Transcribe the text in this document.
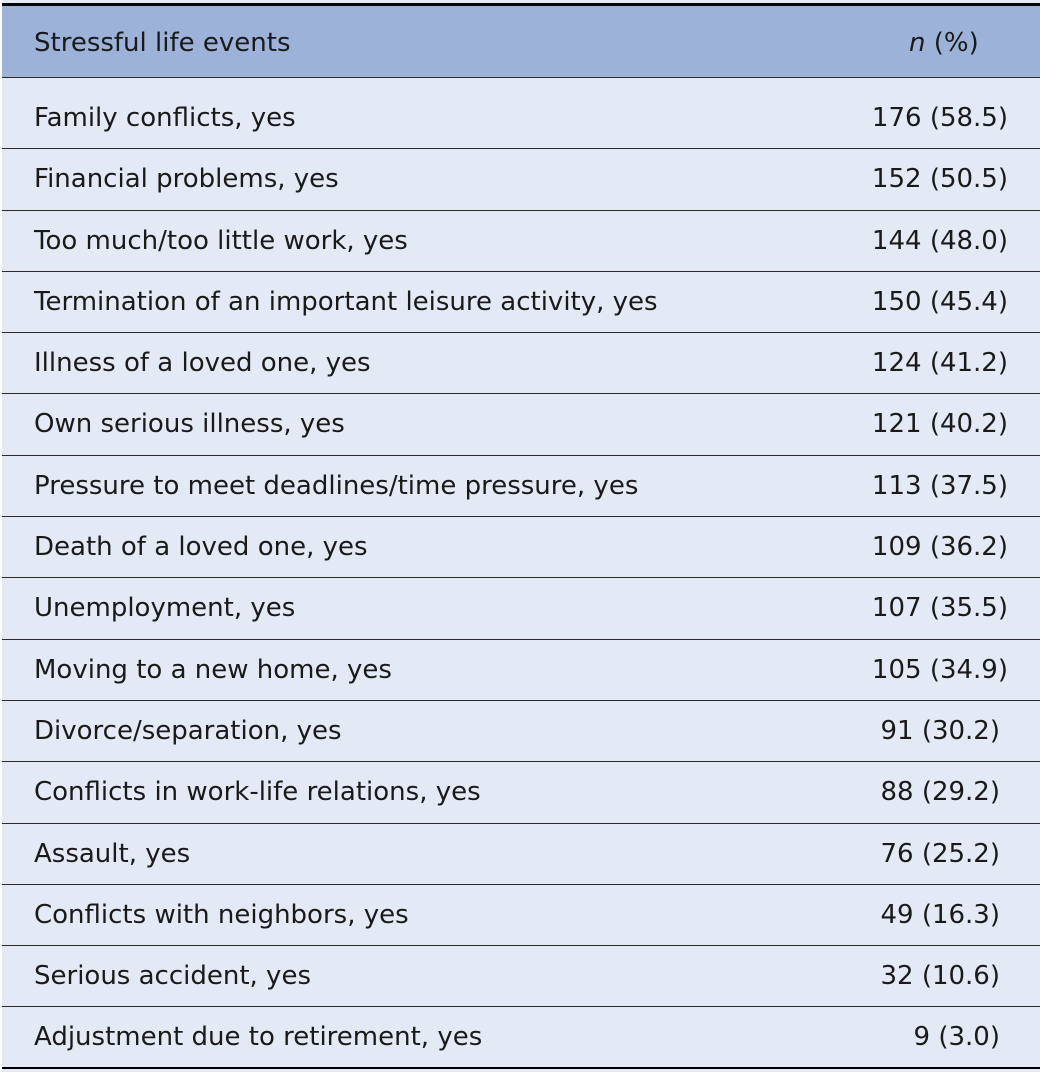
Stressful life events	n (%)
Family conflicts, yes	176 (58.5)
Financial problems, yes	152 (50.5)
Too much/too little work, yes	144 (48.0)
Termination of an important leisure activity, yes	150 (45.4)
Illness of a loved one, yes	124 (41.2)
Own serious illness, yes	121 (40.2)
Pressure to meet deadlines/time pressure, yes	113 (37.5)
Death of a loved one, yes	109 (36.2)
Unemployment, yes	107 (35.5)
Moving to a new home, yes	105 (34.9)
Divorce/separation, yes	91 (30.2)
Conflicts in work-life relations, yes	88 (29.2)
Assault, yes	76 (25.2)
Conflicts with neighbors, yes	49 (16.3)
Serious accident, yes	32 (10.6)
Adjustment due to retirement, yes	9 (3.0)
